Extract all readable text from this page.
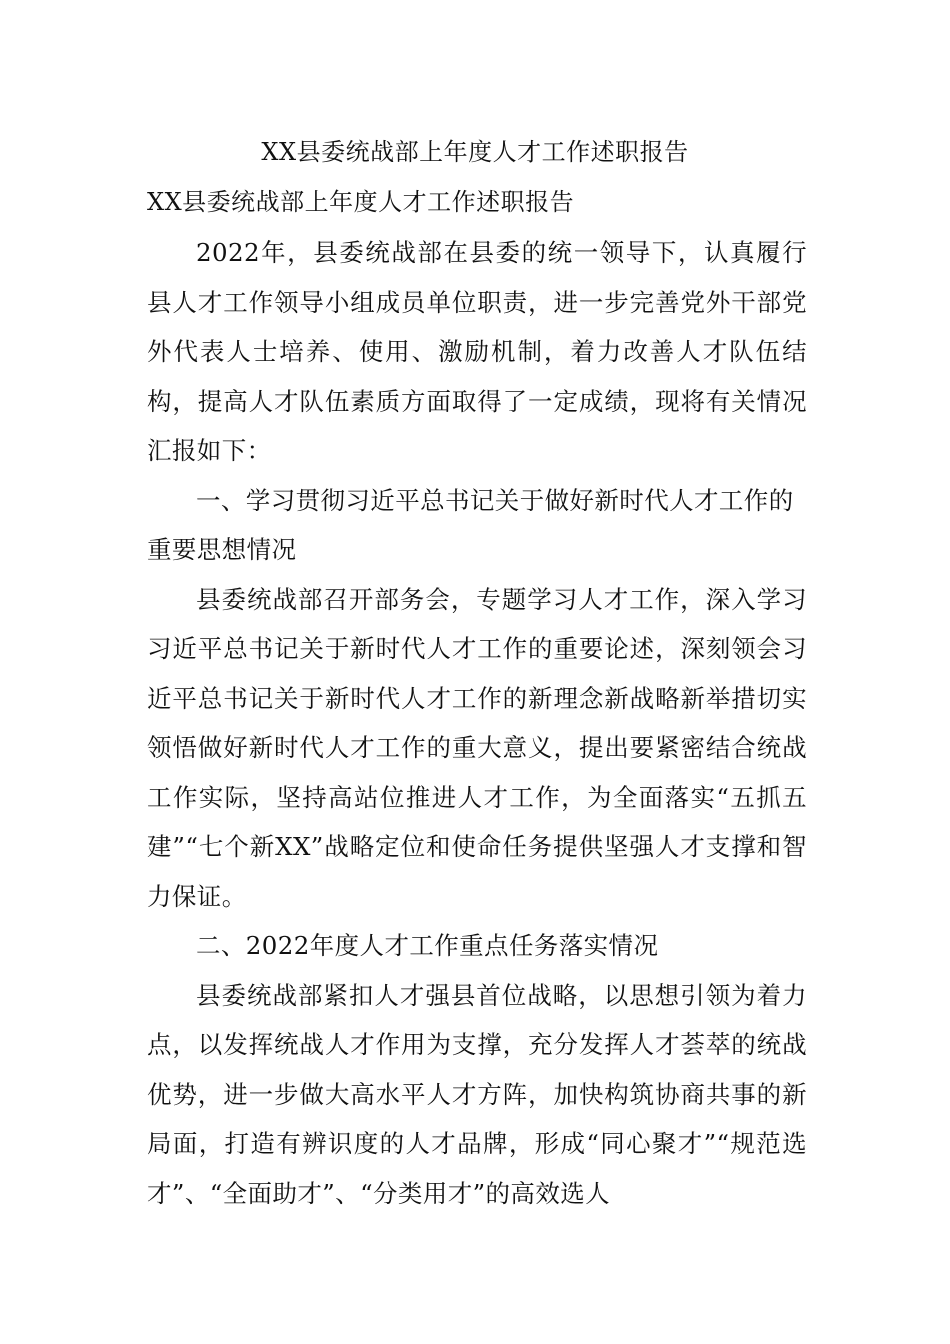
XX县委统战部上年度人才工作述职报告

XX县委统战部上年度人才工作述职报告

2022年，县委统战部在县委的统一领导下，认真履行县人才工作领导小组成员单位职责，进一步完善党外干部党外代表人士培养、使用、激励机制，着力改善人才队伍结构，提高人才队伍素质方面取得了一定成绩，现将有关情况汇报如下：

一、学习贯彻习近平总书记关于做好新时代人才工作的重要思想情况

县委统战部召开部务会，专题学习人才工作，深入学习习近平总书记关于新时代人才工作的重要论述，深刻领会习近平总书记关于新时代人才工作的新理念新战略新举措切实领悟做好新时代人才工作的重大意义，提出要紧密结合统战工作实际，坚持高站位推进人才工作，为全面落实“五抓五建”“七个新XX”战略定位和使命任务提供坚强人才支撑和智力保证。

二、2022年度人才工作重点任务落实情况

县委统战部紧扣人才强县首位战略，以思想引领为着力点，以发挥统战人才作用为支撑，充分发挥人才荟萃的统战优势，进一步做大高水平人才方阵，加快构筑协商共事的新局面，打造有辨识度的人才品牌，形成“同心聚才”“规范选才”、“全面助才”、“分类用才”的高效选人
